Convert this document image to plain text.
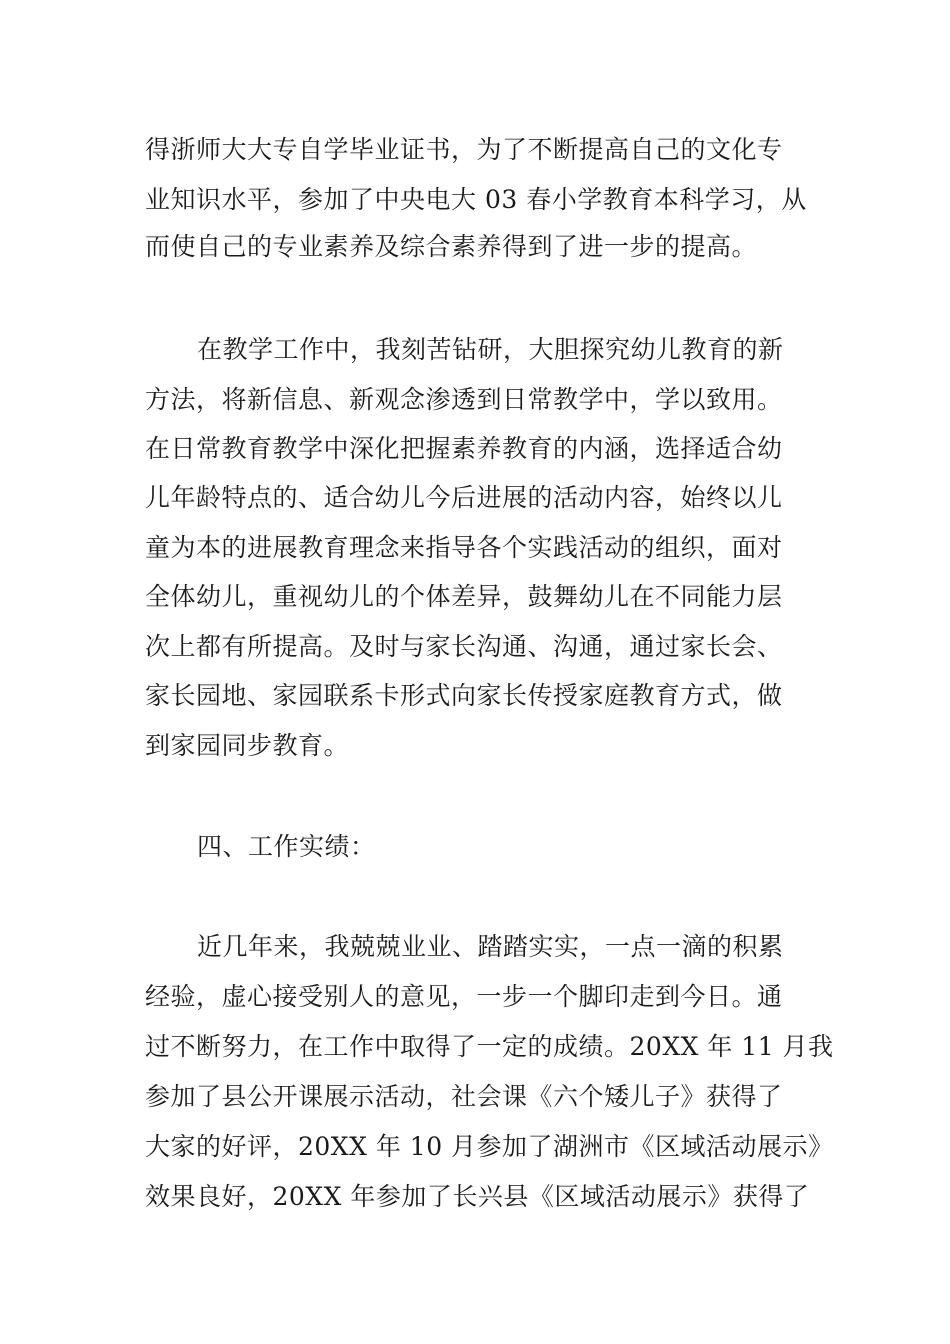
得浙师大大专自学毕业证书，为了不断提高自己的文化专
业知识水平，参加了中央电大 03 春小学教育本科学习，从
而使自己的专业素养及综合素养得到了进一步的提高。
在教学工作中，我刻苦钻研，大胆探究幼儿教育的新
方法，将新信息、新观念渗透到日常教学中，学以致用。
在日常教育教学中深化把握素养教育的内涵，选择适合幼
儿年龄特点的、适合幼儿今后进展的活动内容，始终以儿
童为本的进展教育理念来指导各个实践活动的组织，面对
全体幼儿，重视幼儿的个体差异，鼓舞幼儿在不同能力层
次上都有所提高。及时与家长沟通、沟通，通过家长会、
家长园地、家园联系卡形式向家长传授家庭教育方式，做
到家园同步教育。
四、工作实绩：
近几年来，我兢兢业业、踏踏实实，一点一滴的积累
经验，虚心接受别人的意见，一步一个脚印走到今日。通
过不断努力，在工作中取得了一定的成绩。20XX 年 11 月我
参加了县公开课展示活动，社会课《六个矮儿子》获得了
大家的好评，20XX 年 10 月参加了湖洲市《区域活动展示》
效果良好，20XX 年参加了长兴县《区域活动展示》获得了
